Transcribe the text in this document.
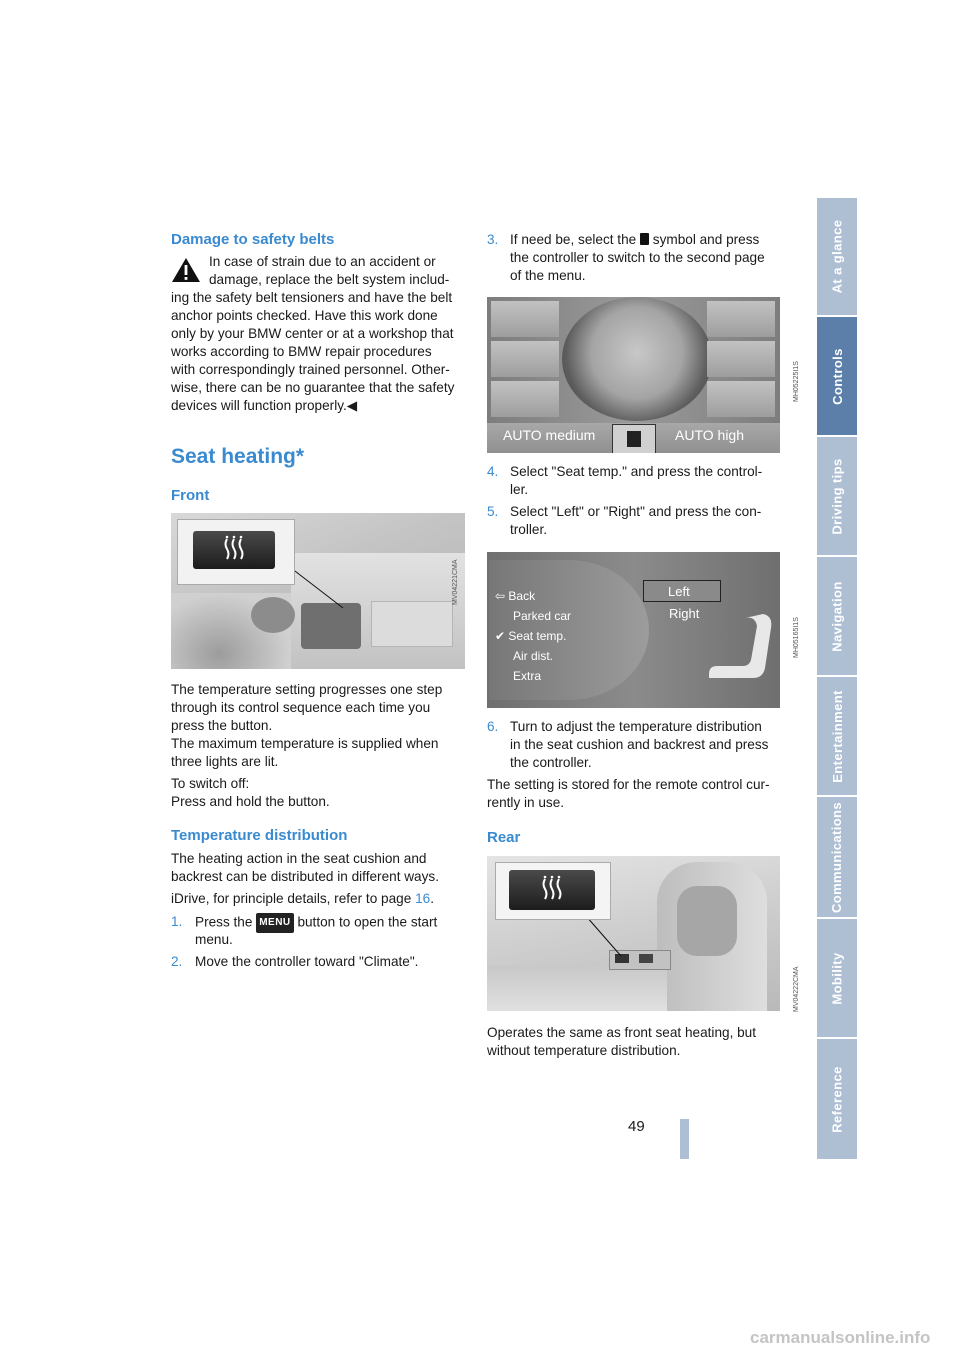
Damage to safety belts
In case of strain due to an accident or
damage, replace the belt system includ-
ing the safety belt tensioners and have the belt
anchor points checked. Have this work done
only by your BMW center or at a workshop that
works according to BMW repair procedures
with correspondingly trained personnel. Other-
wise, there can be no guarantee that the safety
devices will function properly.◀
Seat heating*
Front
MV04221CMA
The temperature setting progresses one step
through its control sequence each time you
press the button.
The maximum temperature is supplied when
three lights are lit.
To switch off:
Press and hold the button.
Temperature distribution
The heating action in the seat cushion and
backrest can be distributed in different ways.
iDrive, for principle details, refer to page 16.
1. Press the MENU button to open the start
menu.
2. Move the controller toward "Climate".
3. If need be, select the symbol and press
the controller to switch to the second page
of the menu.
AUTO medium	AUTO high
MH05225I1S
4. Select "Seat temp." and press the control-
ler.
5. Select "Left" or "Right" and press the con-
troller.
⇦ Back
Parked car
✔ Seat temp.
Air dist.
Extra
Left
Right
MH05165I1S
6. Turn to adjust the temperature distribution
in the seat cushion and backrest and press
the controller.
The setting is stored for the remote control cur-
rently in use.
Rear
MV04222CMA
Operates the same as front seat heating, but
without temperature distribution.
49
At a glance
Controls
Driving tips
Navigation
Entertainment
Communications
Mobility
Reference
carmanualsonline.info
